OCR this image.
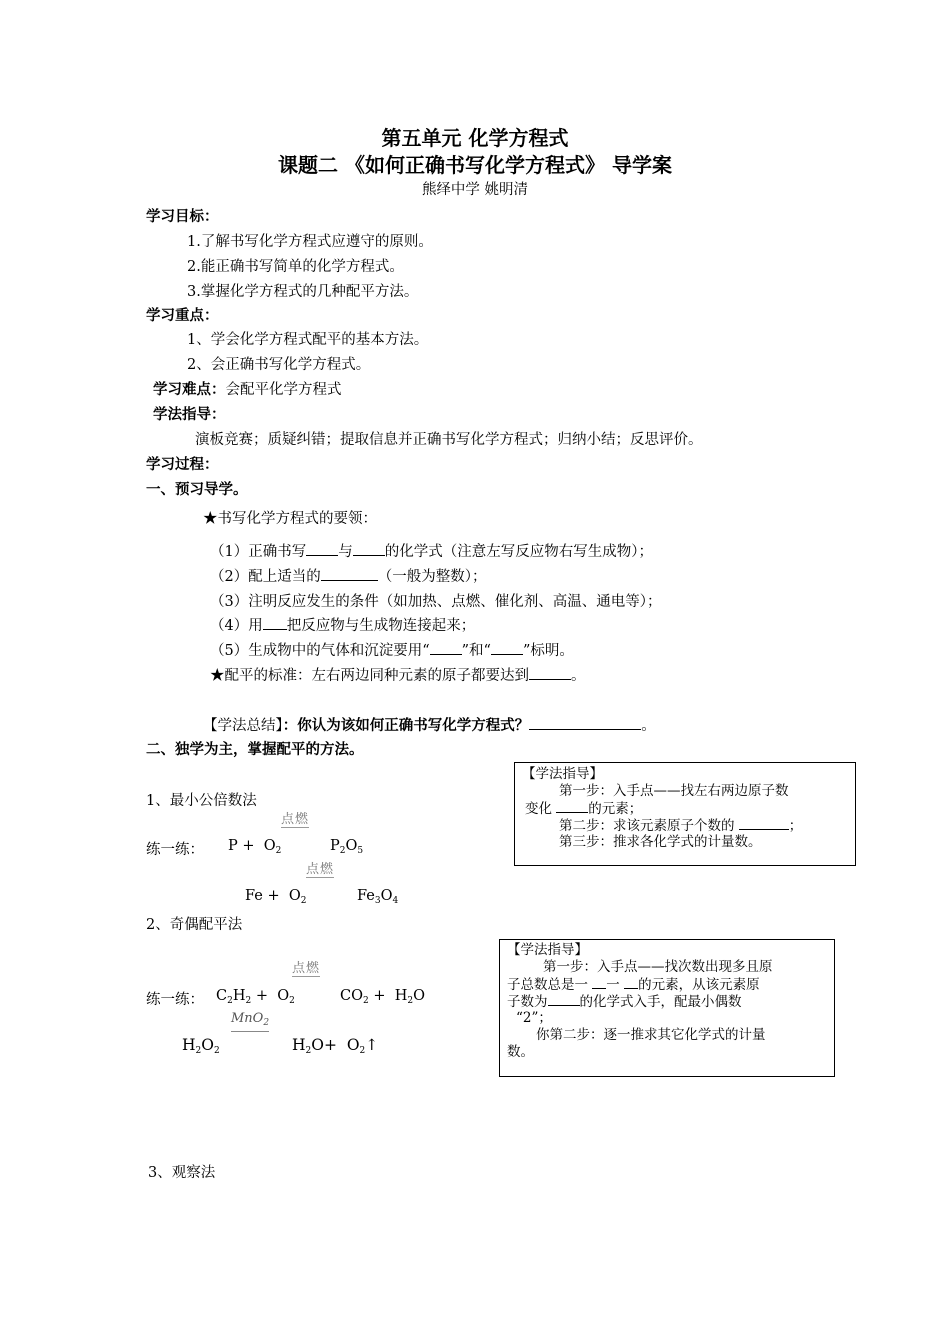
第五单元 化学方程式
课题二 《如何正确书写化学方程式》 导学案
熊绎中学 姚明清
学习目标：
1.了解书写化学方程式应遵守的原则。
2.能正确书写简单的化学方程式。
3.掌握化学方程式的几种配平方法。
学习重点：
1、学会化学方程式配平的基本方法。
2、会正确书写化学方程式。
学习难点：会配平化学方程式
学法指导：
演板竞赛；质疑纠错；提取信息并正确书写化学方程式；归纳小结；反思评价。
学习过程：
一、预习导学。
★书写化学方程式的要领：
（1）正确书写 与 的化学式（注意左写反应物右写生成物）；
（2）配上适当的	（一般为整数）；
（3）注明反应发生的条件（如加热、点燃、催化剂、高温、通电等）；
（4）用 把反应物与生成物连接起来；
（5）生成物中的气体和沉淀要用“ ”和“ ”标明。
★配平的标准：左右两边同种元素的原子都要达到	。
【学法总结】：你认为该如何正确书写化学方程式？	。
二、独学为主，掌握配平的方法。
1、最小公倍数法
点燃
练一练： $P + O_2$	$P_2O_5$
点燃
$Fe + O_2$	$Fe_3O_4$
2、奇偶配平法
点燃
练一练： $C_2H_2 + O_2$	$CO_2 + H_2O$
MnO$_2$
$H_2O_2$	$H_2O+$  $O_2↑$
3、观察法
【学法指导】
第一步：入手点——找左右两边原子数
变化	的元素；
第二步：求该元素原子个数的	；
第三步：推求各化学式的计量数。
【学法指导】
第一步：入手点——找次数出现多且原
子总数总是一 一 的元素，从该元素原
子数为 的化学式入手，配最小偶数
“2”；
你第二步：逐一推求其它化学式的计量
数。
